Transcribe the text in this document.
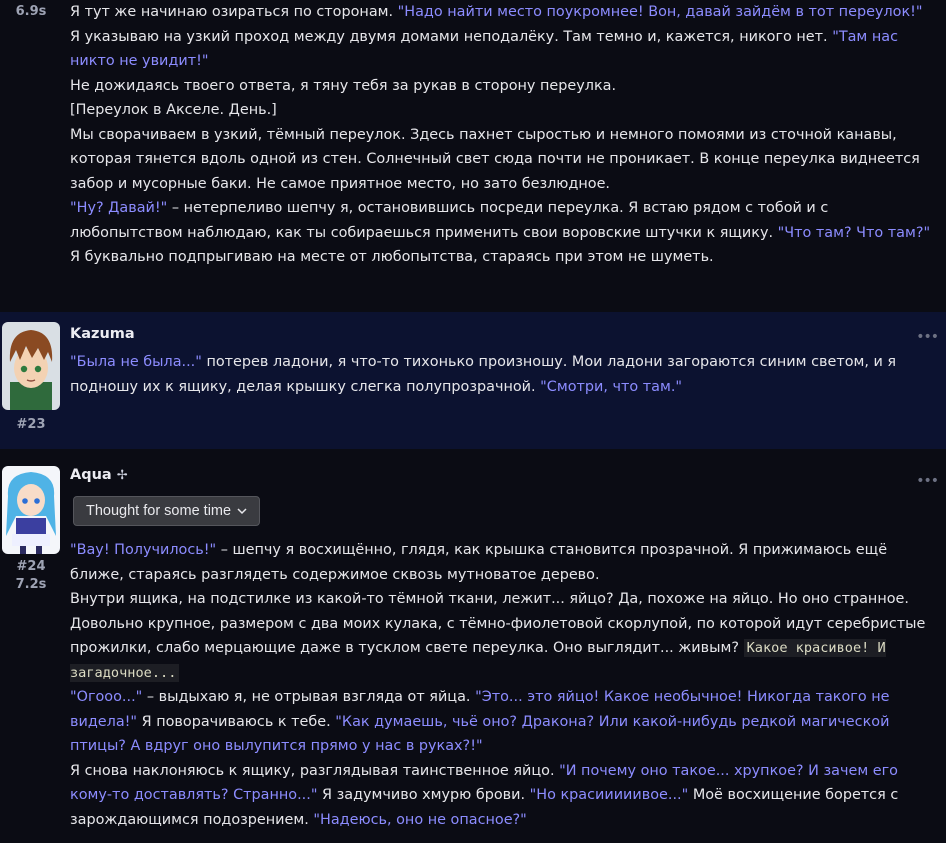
6.9s	Я тут же начинаю озираться по сторонам. "Надо найти место поукромнее! Вон, давай зайдём в тот переулок!" Я указываю на узкий проход между двумя домами неподалёку. Там темно и, кажется, никого нет. "Там нас никто не увидит!"

Не дожидаясь твоего ответа, я тяну тебя за рукав в сторону переулка.

[Переулок в Акселе. День.]

Мы сворачиваем в узкий, тёмный переулок. Здесь пахнет сыростью и немного помоями из сточной канавы, которая тянется вдоль одной из стен. Солнечный свет сюда почти не проникает. В конце переулка виднеется забор и мусорные баки. Не самое приятное место, но зато безлюдное.

"Ну? Давай!" – нетерпеливо шепчу я, остановившись посреди переулка. Я встаю рядом с тобой и с любопытством наблюдаю, как ты собираешься применить свои воровские штучки к ящику. "Что там? Что там?" Я буквально подпрыгиваю на месте от любопытства, стараясь при этом не шуметь.

#23
Kazuma

"Была не была..." потерев ладони, я что-то тихонько произношу. Мои ладони загораются синим светом, и я подношу их к ящику, делая крышку слегка полупрозрачной. "Смотри, что там."

•••
#24
7.2s
Aqua ✢
Thought for some time

"Вау! Получилось!" – шепчу я восхищённо, глядя, как крышка становится прозрачной. Я прижимаюсь ещё ближе, стараясь разглядеть содержимое сквозь мутноватое дерево.

Внутри ящика, на подстилке из какой-то тёмной ткани, лежит... яйцо? Да, похоже на яйцо. Но оно странное. Довольно крупное, размером с два моих кулака, с тёмно-фиолетовой скорлупой, по которой идут серебристые прожилки, слабо мерцающие даже в тусклом свете переулка. Оно выглядит... живым? Какое красивое! И загадочное...

"Огооо..." – выдыхаю я, не отрывая взгляда от яйца. "Это... это яйцо! Какое необычное! Никогда такого не видела!" Я поворачиваюсь к тебе. "Как думаешь, чьё оно? Дракона? Или какой-нибудь редкой магической птицы? А вдруг оно вылупится прямо у нас в руках?!"

Я снова наклоняюсь к ящику, разглядывая таинственное яйцо. "И почему оно такое... хрупкое? И зачем его кому-то доставлять? Странно..." Я задумчиво хмурю брови. "Но красииииивое..." Моё восхищение борется с зарождающимся подозрением. "Надеюсь, оно не опасное?"

•••
